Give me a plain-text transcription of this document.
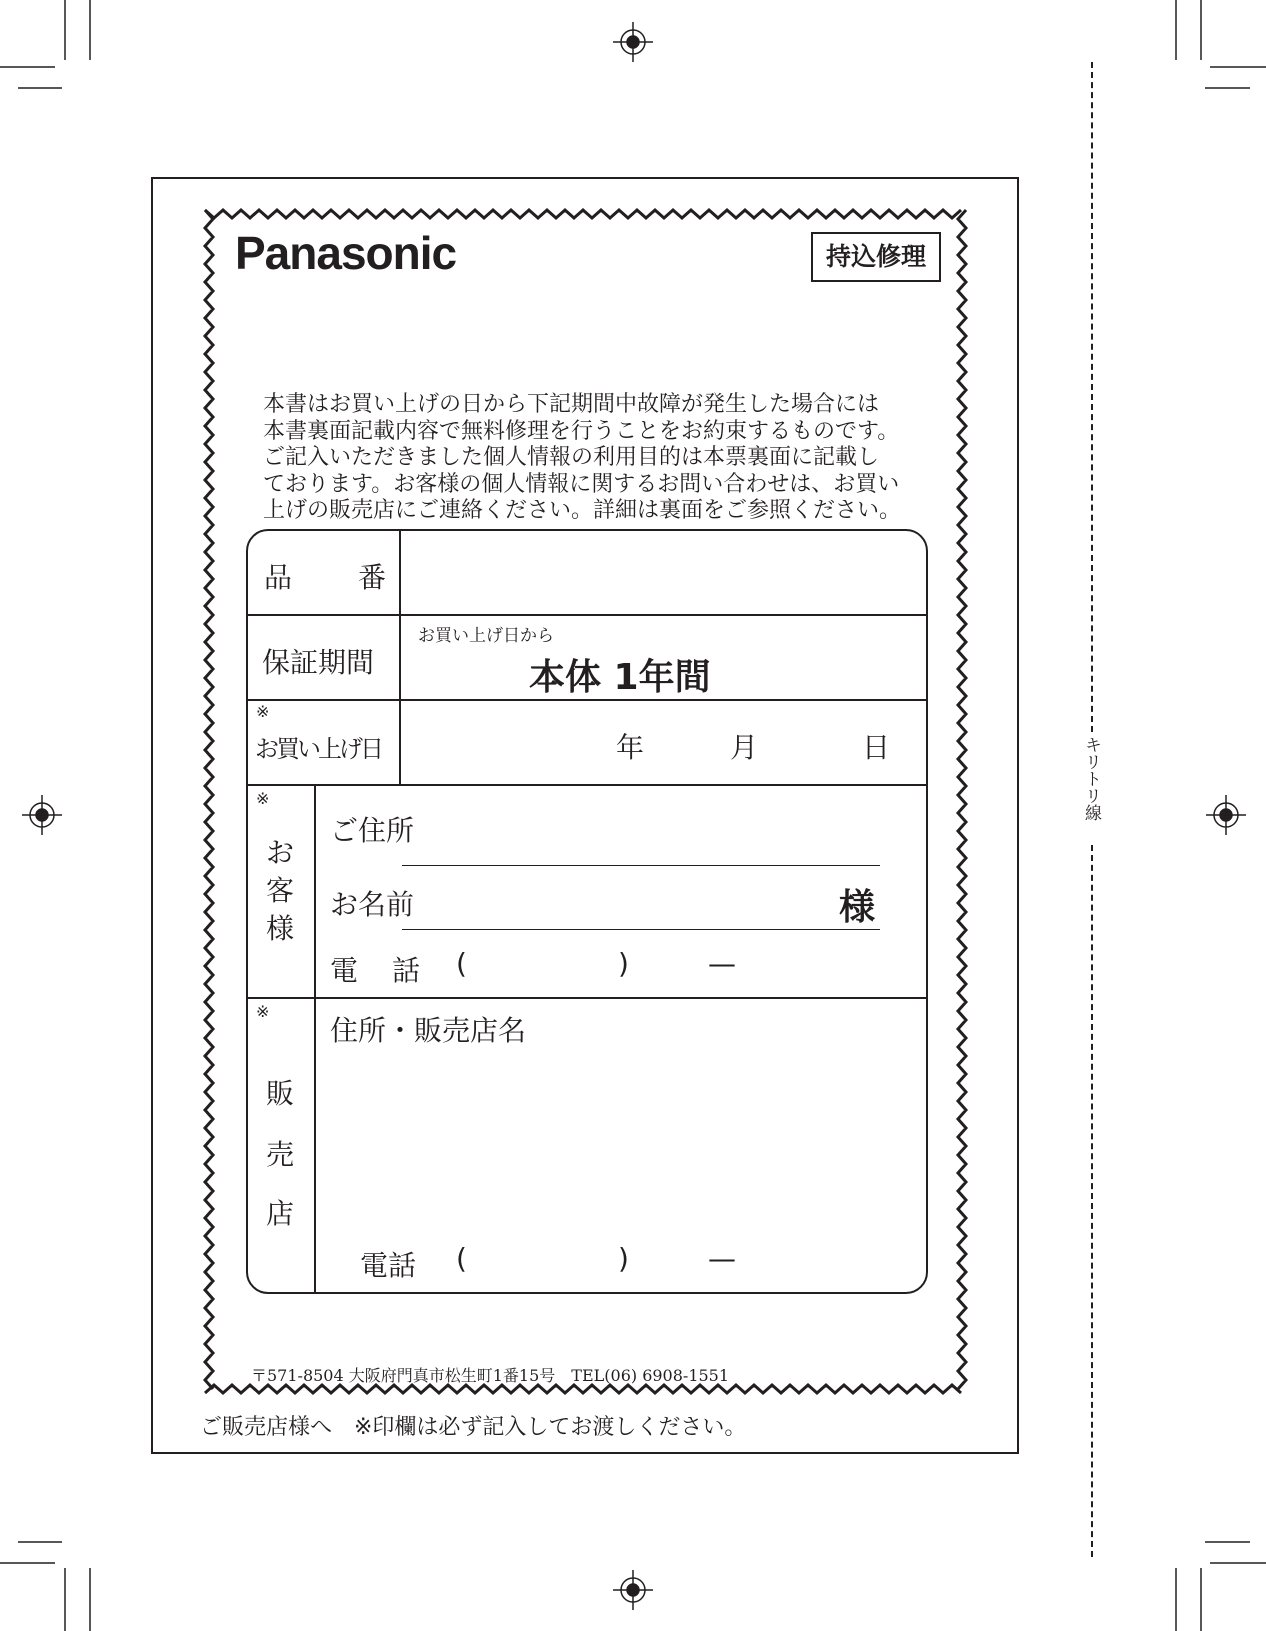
Panasonic	持込修理
本書はお買い上げの日から下記期間中故障が発生した場合には
本書裏面記載内容で無料修理を行うことをお約束するものです。
ご記入いただきました個人情報の利用目的は本票裏面に記載し
ております。お客様の個人情報に関するお問い合わせは、お買い
上げの販売店にご連絡ください。詳細は裏面をご参照ください。
品 番
保証期間
お買い上げ日から
本体 1年間
※
お買い上げ日	年	月	日
※
お
客
様
ご住所
お名前	様
電 話 (	)	—
※
販
売
店
住所・販売店名
電話 (	)	—
〒571-8504 大阪府門真市松生町1番15号　TEL(06) 6908-1551
ご販売店様へ　※印欄は必ず記入してお渡しください。
キリトリ線
